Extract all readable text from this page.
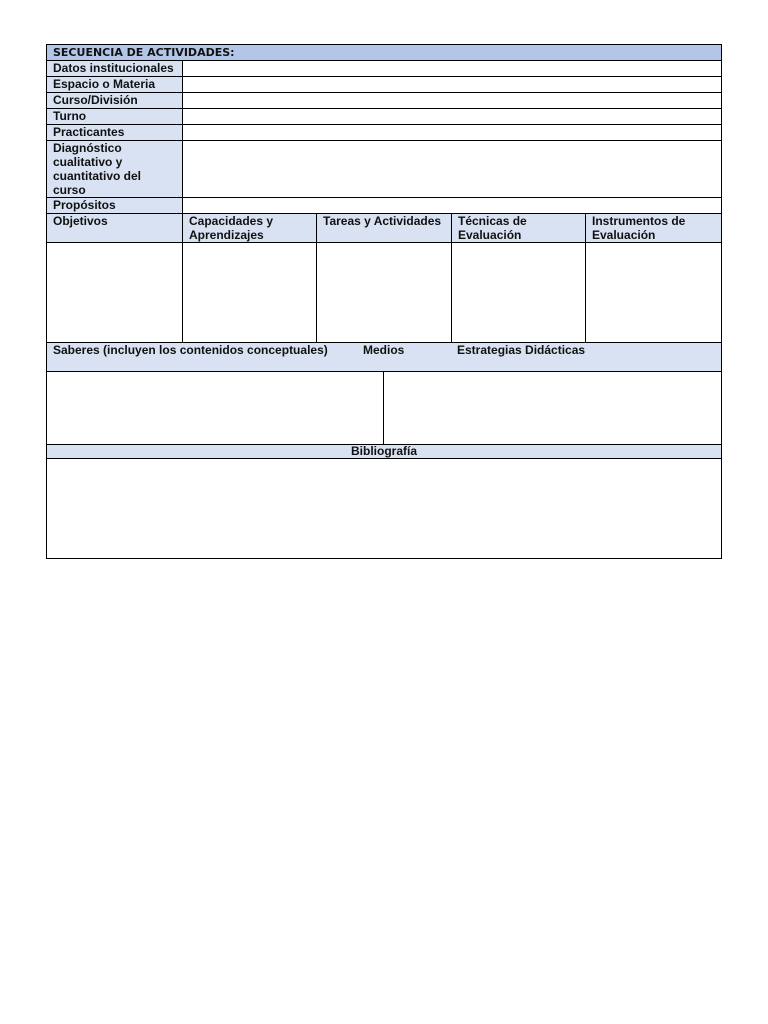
SECUENCIA DE ACTIVIDADES:	
Datos institucionales	
Espacio o Materia	
Curso/División	
Turno	
Practicantes	
Diagnóstico cualitativo y cuantitativo del curso	
Propósitos	
Objetivos	Capacidades y Aprendizajes	Tareas y Actividades	Técnicas de Evaluación	Instrumentos de Evaluación

Saberes (incluyen los contenidos conceptuales)	Medios	Estrategias Didácticas

Bibliografía
